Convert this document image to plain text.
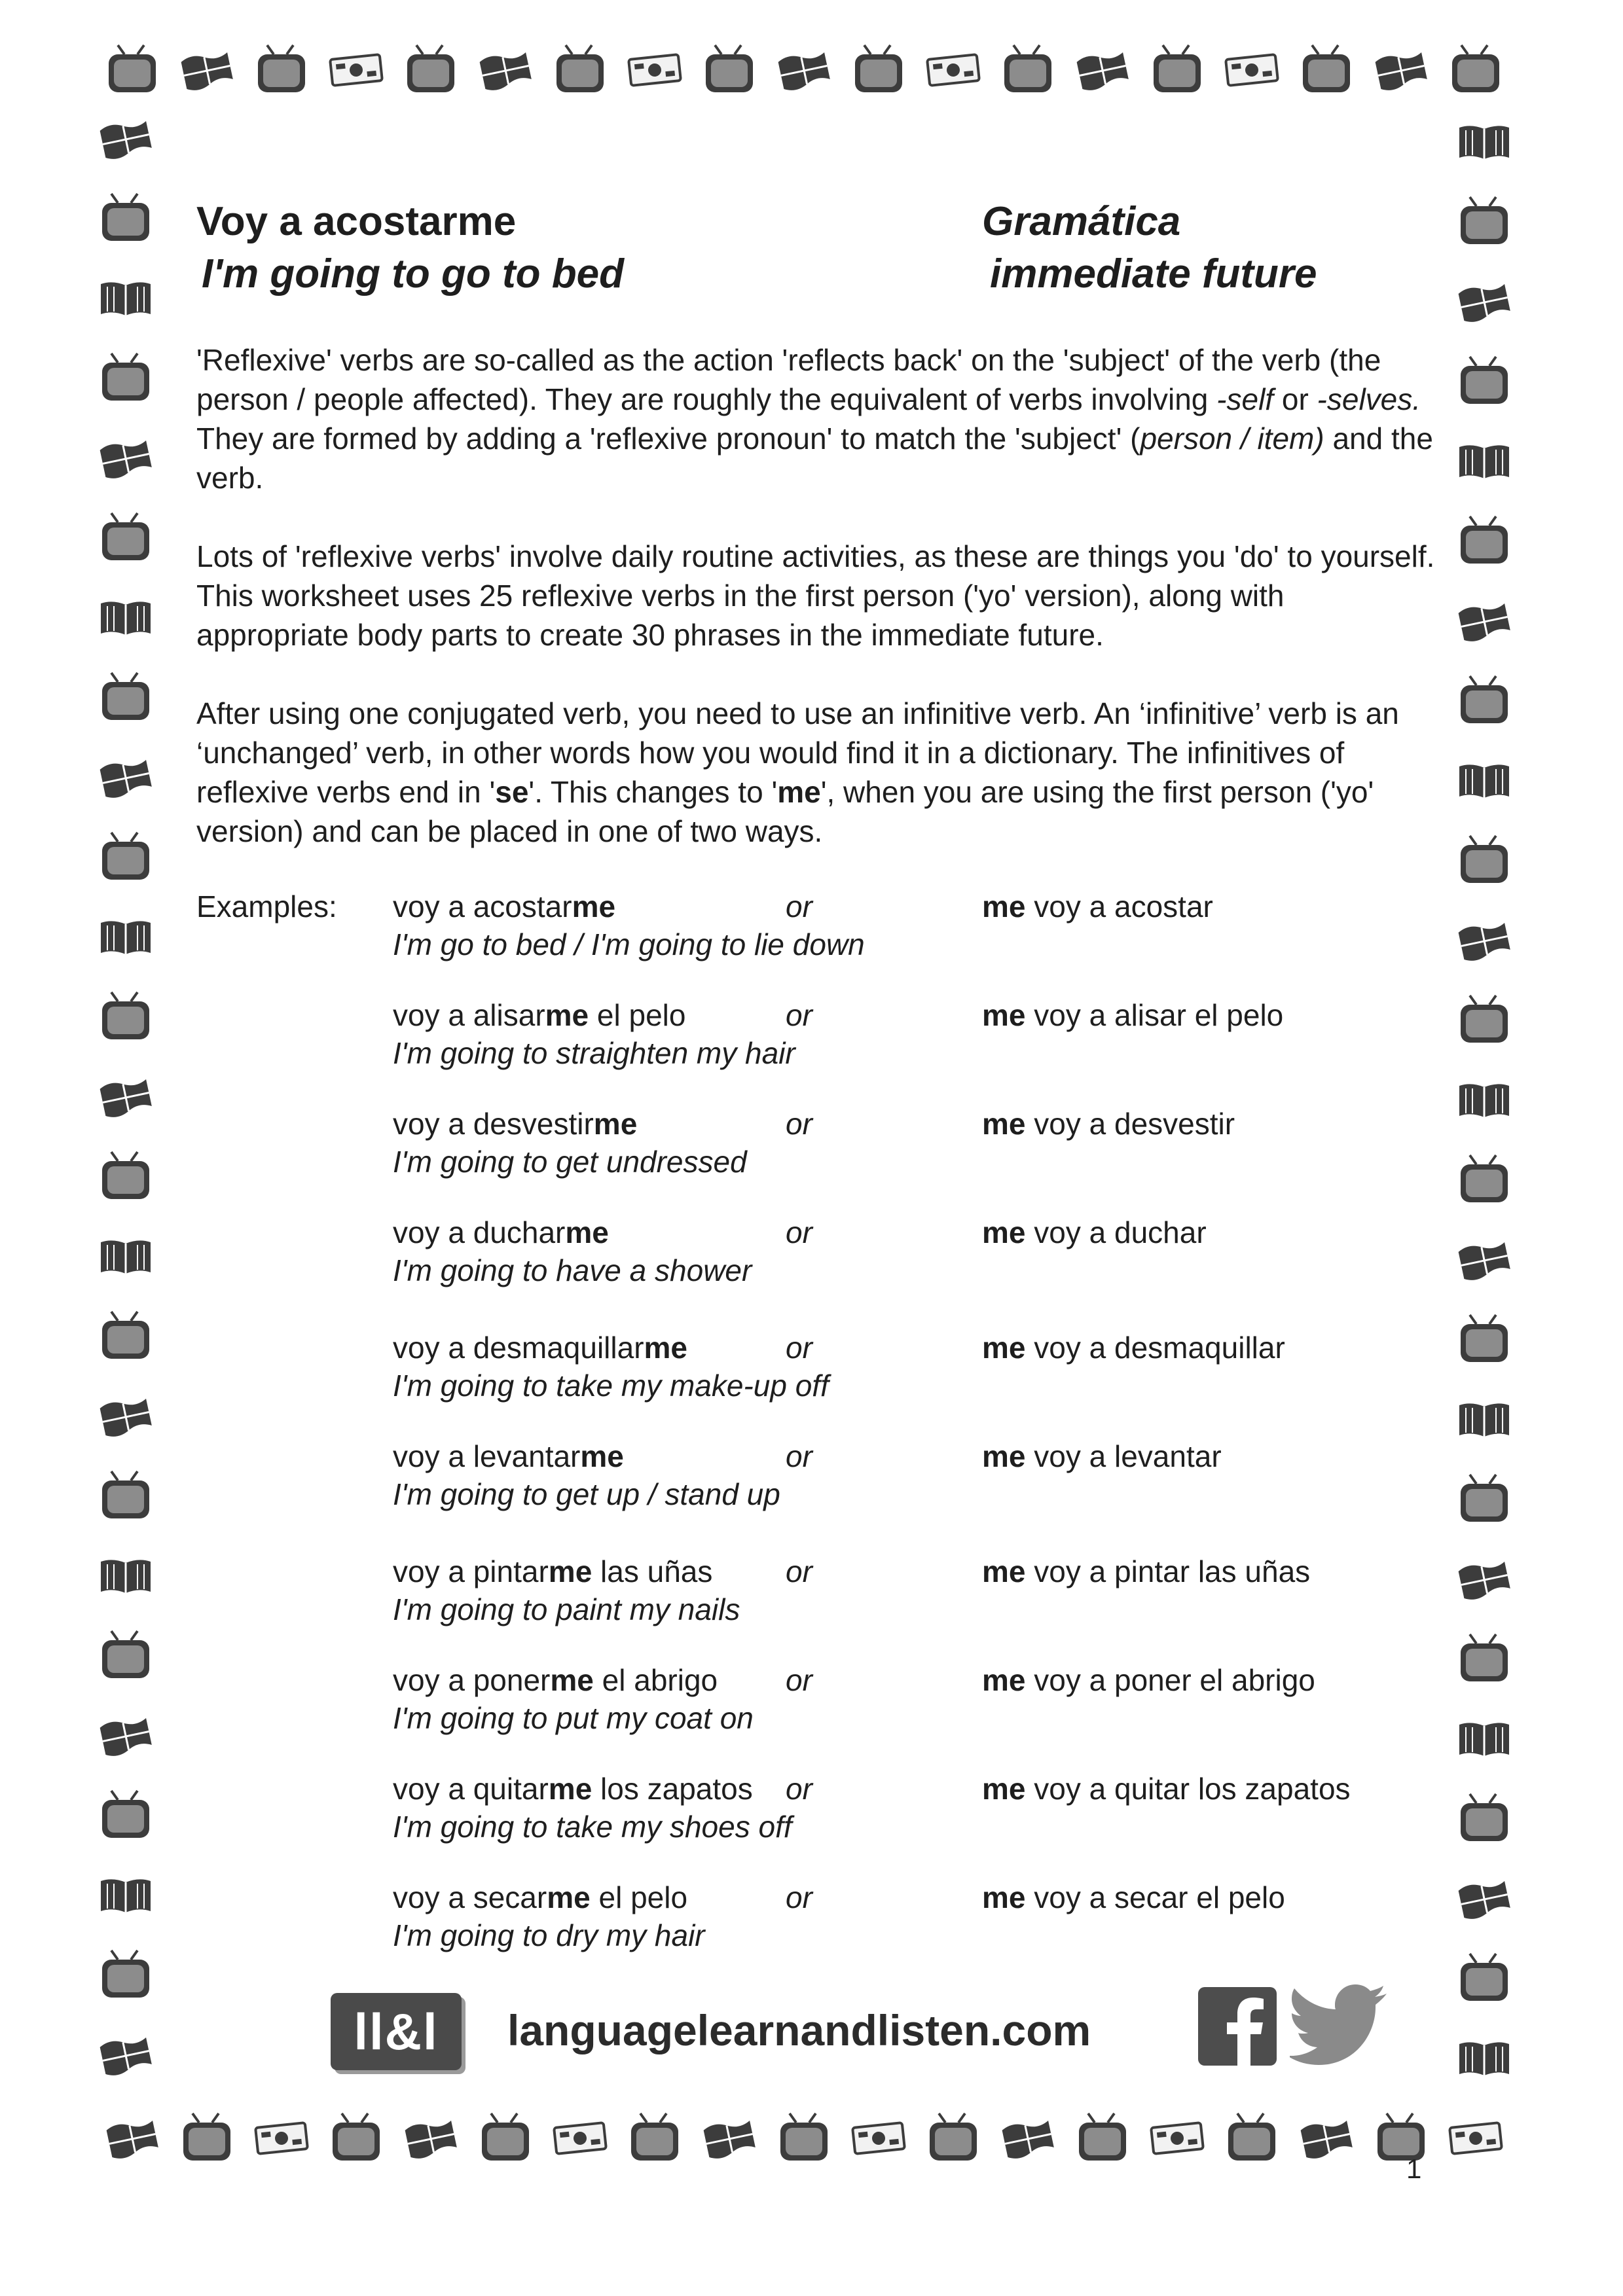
Voy a acostarme
I'm going to go to bed
Gramática
immediate future

'Reflexive' verbs are so-called as the action 'reflects back' on the 'subject' of the verb (the person / people affected). They are roughly the equivalent of verbs involving -self or -selves. They are formed by adding a 'reflexive pronoun' to match the 'subject' (person / item) and the verb.

Lots of 'reflexive verbs' involve daily routine activities, as these are things you 'do' to yourself. This worksheet uses 25 reflexive verbs in the first person ('yo' version), along with appropriate body parts to create 30 phrases in the immediate future.

After using one conjugated verb, you need to use an infinitive verb. An ‘infinitive’ verb is an ‘unchanged’ verb, in other words how you would find it in a dictionary. The infinitives of reflexive verbs end in 'se'. This changes to 'me', when you are using the first person ('yo' version) and can be placed in one of two ways.

Examples: voy a acostarme	or	me voy a acostar
I'm go to bed / I'm going to lie down
voy a alisarme el pelo	or	me voy a alisar el pelo
I'm going to straighten my hair
voy a desvestirme	or	me voy a desvestir
I'm going to get undressed
voy a ducharme	or	me voy a duchar
I'm going to have a shower
voy a desmaquillarme	or	me voy a desmaquillar
I'm going to take my make-up off
voy a levantarme	or	me voy a levantar
I'm going to get up / stand up
voy a pintarme las uñas or	me voy a pintar las uñas
I'm going to paint my nails
voy a ponerme el abrigo or	me voy a poner el abrigo
I'm going to put my coat on
voy a quitarme los zapatos or	me voy a quitar los zapatos
I'm going to take my shoes off
voy a secarme el pelo	or	me voy a secar el pelo
I'm going to dry my hair
ll&l languagelearnandlisten.com
1
